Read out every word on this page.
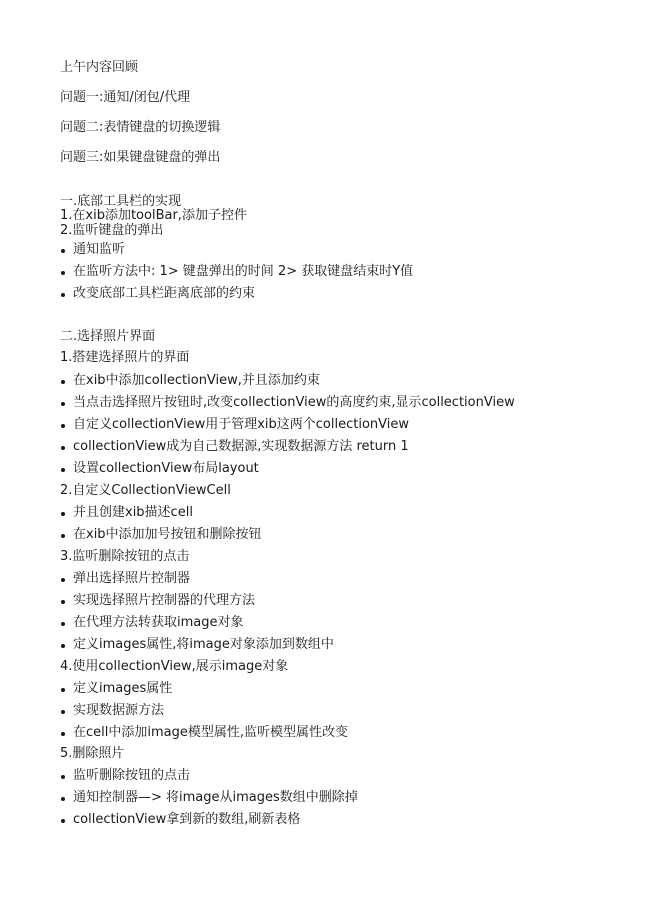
上午内容回顾
问题一:通知/闭包/代理
问题二:表情键盘的切换逻辑
问题三:如果键盘键盘的弹出
一.底部工具栏的实现
1.在xib添加toolBar,添加子控件
2.监听键盘的弹出
通知监听
在监听方法中: 1> 键盘弹出的时间 2> 获取键盘结束时Y值
改变底部工具栏距离底部的约束
二.选择照片界面
1.搭建选择照片的界面
在xib中添加collectionView,并且添加约束
当点击选择照片按钮时,改变collectionView的高度约束,显示collectionView
自定义collectionView用于管理xib这两个collectionView
collectionView成为自己数据源,实现数据源方法 return 1
设置collectionView布局layout
2.自定义CollectionViewCell
并且创建xib描述cell
在xib中添加加号按钮和删除按钮
3.监听删除按钮的点击
弹出选择照片控制器
实现选择照片控制器的代理方法
在代理方法转获取image对象
定义images属性,将image对象添加到数组中
4.使用collectionView,展示image对象
定义images属性
实现数据源方法
在cell中添加image模型属性,监听模型属性改变
5.删除照片
监听删除按钮的点击
通知控制器—> 将image从images数组中删除掉
collectionView拿到新的数组,刷新表格
